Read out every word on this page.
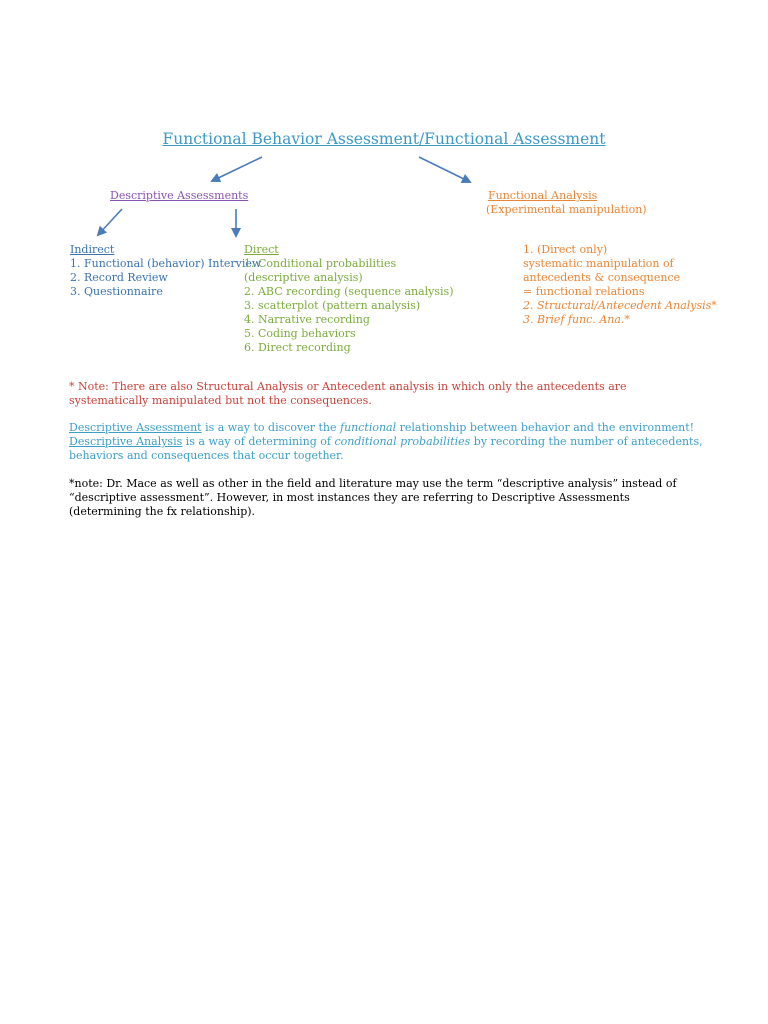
Functional Behavior Assessment/Functional Assessment
Descriptive Assessments	Functional Analysis
(Experimental manipulation)
Indirect
1. Functional (behavior) Interview
2. Record Review
3. Questionnaire
Direct
1. Conditional probabilities
(descriptive analysis)
2. ABC recording (sequence analysis)
3. scatterplot (pattern analysis)
4. Narrative recording
5. Coding behaviors
6. Direct recording
1. (Direct only)
systematic manipulation of
antecedents & consequence
= functional relations
2. Structural/Antecedent Analysis*
3. Brief func. Ana.*
* Note: There are also Structural Analysis or Antecedent analysis in which only the antecedents are systematically manipulated but not the consequences.
Descriptive Assessment is a way to discover the functional relationship between behavior and the environment!
Descriptive Analysis is a way of determining of conditional probabilities by recording the number of antecedents, behaviors and consequences that occur together.
*note: Dr. Mace as well as other in the field and literature may use the term “descriptive analysis” instead of “descriptive assessment”. However, in most instances they are referring to Descriptive Assessments (determining the fx relationship).
